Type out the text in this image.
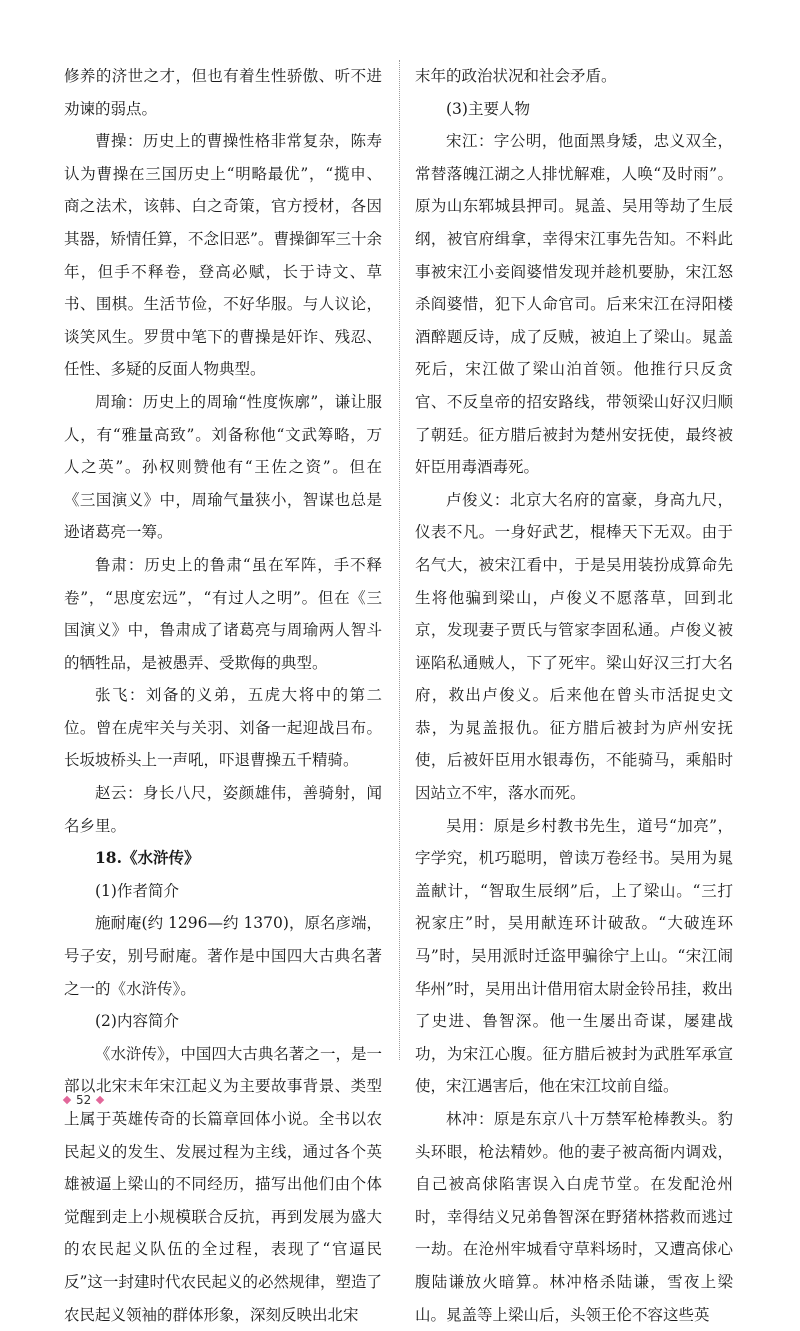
修养的济世之才，但也有着生性骄傲、听不进劝谏的弱点。

曹操：历史上的曹操性格非常复杂，陈寿认为曹操在三国历史上“明略最优”，“揽申、商之法术，该韩、白之奇策，官方授材，各因其器，矫情任算，不念旧恶”。曹操御军三十余年，但手不释卷，登高必赋，长于诗文、草书、围棋。生活节俭，不好华服。与人议论，谈笑风生。罗贯中笔下的曹操是奸诈、残忍、任性、多疑的反面人物典型。

周瑜：历史上的周瑜“性度恢廓”，谦让服人，有“雅量高致”。刘备称他“文武筹略，万人之英”。孙权则赞他有“王佐之资”。但在《三国演义》中，周瑜气量狭小，智谋也总是逊诸葛亮一筹。

鲁肃：历史上的鲁肃“虽在军阵，手不释卷”，“思度宏远”，“有过人之明”。但在《三国演义》中，鲁肃成了诸葛亮与周瑜两人智斗的牺牲品，是被愚弄、受欺侮的典型。

张飞：刘备的义弟，五虎大将中的第二位。曾在虎牢关与关羽、刘备一起迎战吕布。长坂坡桥头上一声吼，吓退曹操五千精骑。

赵云：身长八尺，姿颜雄伟，善骑射，闻名乡里。

18.《水浒传》

(1)作者简介

施耐庵(约 1296—约 1370)，原名彦端，号子安，别号耐庵。著作是中国四大古典名著之一的《水浒传》。

(2)内容简介

《水浒传》，中国四大古典名著之一，是一部以北宋末年宋江起义为主要故事背景、类型上属于英雄传奇的长篇章回体小说。全书以农民起义的发生、发展过程为主线，通过各个英雄被逼上梁山的不同经历，描写出他们由个体觉醒到走上小规模联合反抗，再到发展为盛大的农民起义队伍的全过程，表现了“官逼民反”这一封建时代农民起义的必然规律，塑造了农民起义领袖的群体形象，深刻反映出北宋

末年的政治状况和社会矛盾。

(3)主要人物

宋江：字公明，他面黑身矮，忠义双全，常替落魄江湖之人排忧解难，人唤“及时雨”。原为山东郓城县押司。晁盖、吴用等劫了生辰纲，被官府缉拿，幸得宋江事先告知。不料此事被宋江小妾阎婆惜发现并趁机要胁，宋江怒杀阎婆惜，犯下人命官司。后来宋江在浔阳楼酒醉题反诗，成了反贼，被迫上了梁山。晁盖死后，宋江做了梁山泊首领。他推行只反贪官、不反皇帝的招安路线，带领梁山好汉归顺了朝廷。征方腊后被封为楚州安抚使，最终被奸臣用毒酒毒死。

卢俊义：北京大名府的富豪，身高九尺，仪表不凡。一身好武艺，棍棒天下无双。由于名气大，被宋江看中，于是吴用装扮成算命先生将他骗到梁山，卢俊义不愿落草，回到北京，发现妻子贾氏与管家李固私通。卢俊义被诬陷私通贼人，下了死牢。梁山好汉三打大名府，救出卢俊义。后来他在曾头市活捉史文恭，为晁盖报仇。征方腊后被封为庐州安抚使，后被奸臣用水银毒伤，不能骑马，乘船时因站立不牢，落水而死。

吴用：原是乡村教书先生，道号“加亮”，字学究，机巧聪明，曾读万卷经书。吴用为晁盖献计，“智取生辰纲”后，上了梁山。“三打祝家庄”时，吴用献连环计破敌。“大破连环马”时，吴用派时迁盗甲骗徐宁上山。“宋江闹华州”时，吴用出计借用宿太尉金铃吊挂，救出了史进、鲁智深。他一生屡出奇谋，屡建战功，为宋江心腹。征方腊后被封为武胜军承宣使，宋江遇害后，他在宋江坟前自缢。

林冲：原是东京八十万禁军枪棒教头。豹头环眼，枪法精妙。他的妻子被高衙内调戏，自己被高俅陷害误入白虎节堂。在发配沧州时，幸得结义兄弟鲁智深在野猪林搭救而逃过一劫。在沧州牢城看守草料场时，又遭高俅心腹陆谦放火暗算。林冲格杀陆谦，雪夜上梁山。晁盖等上梁山后，头领王伦不容这些英

52
